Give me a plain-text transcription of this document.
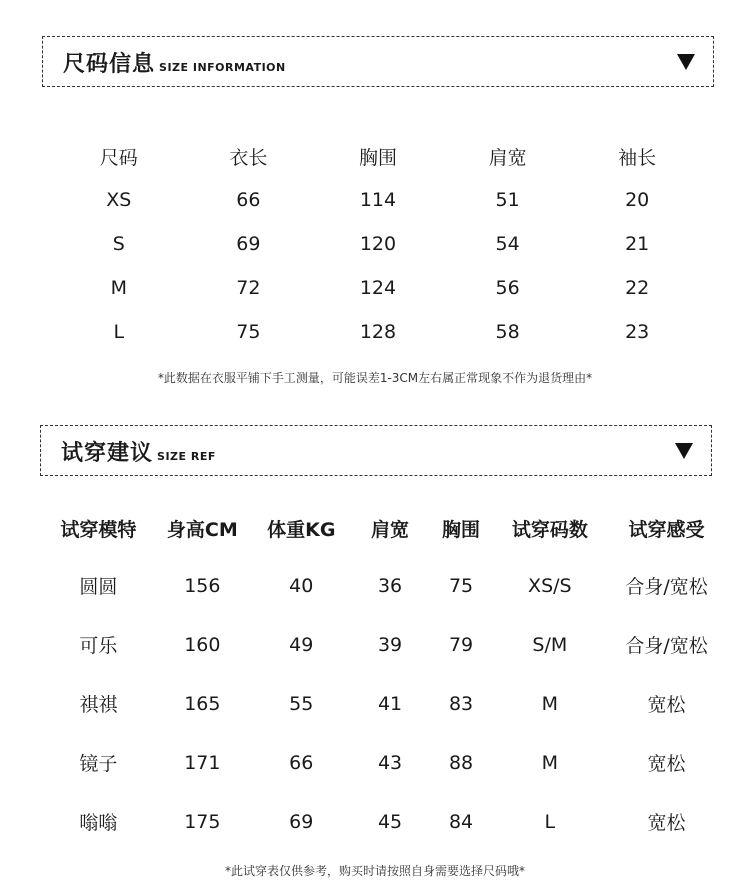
尺码信息 SIZE INFORMATION
尺码	衣长	胸围	肩宽	袖长
XS	66	114	51	20
S	69	120	54	21
M	72	124	56	22
L	75	128	58	23
*此数据在衣服平铺下手工测量，可能误差1-3CM左右属正常现象不作为退货理由*
试穿建议 SIZE REF
试穿模特	身高CM	体重KG	肩宽	胸围	试穿码数	试穿感受
圆圆	156	40	36	75	XS/S	合身/宽松
可乐	160	49	39	79	S/M	合身/宽松
祺祺	165	55	41	83	M	宽松
镜子	171	66	43	88	M	宽松
嗡嗡	175	69	45	84	L	宽松
*此试穿表仅供参考，购买时请按照自身需要选择尺码哦*
